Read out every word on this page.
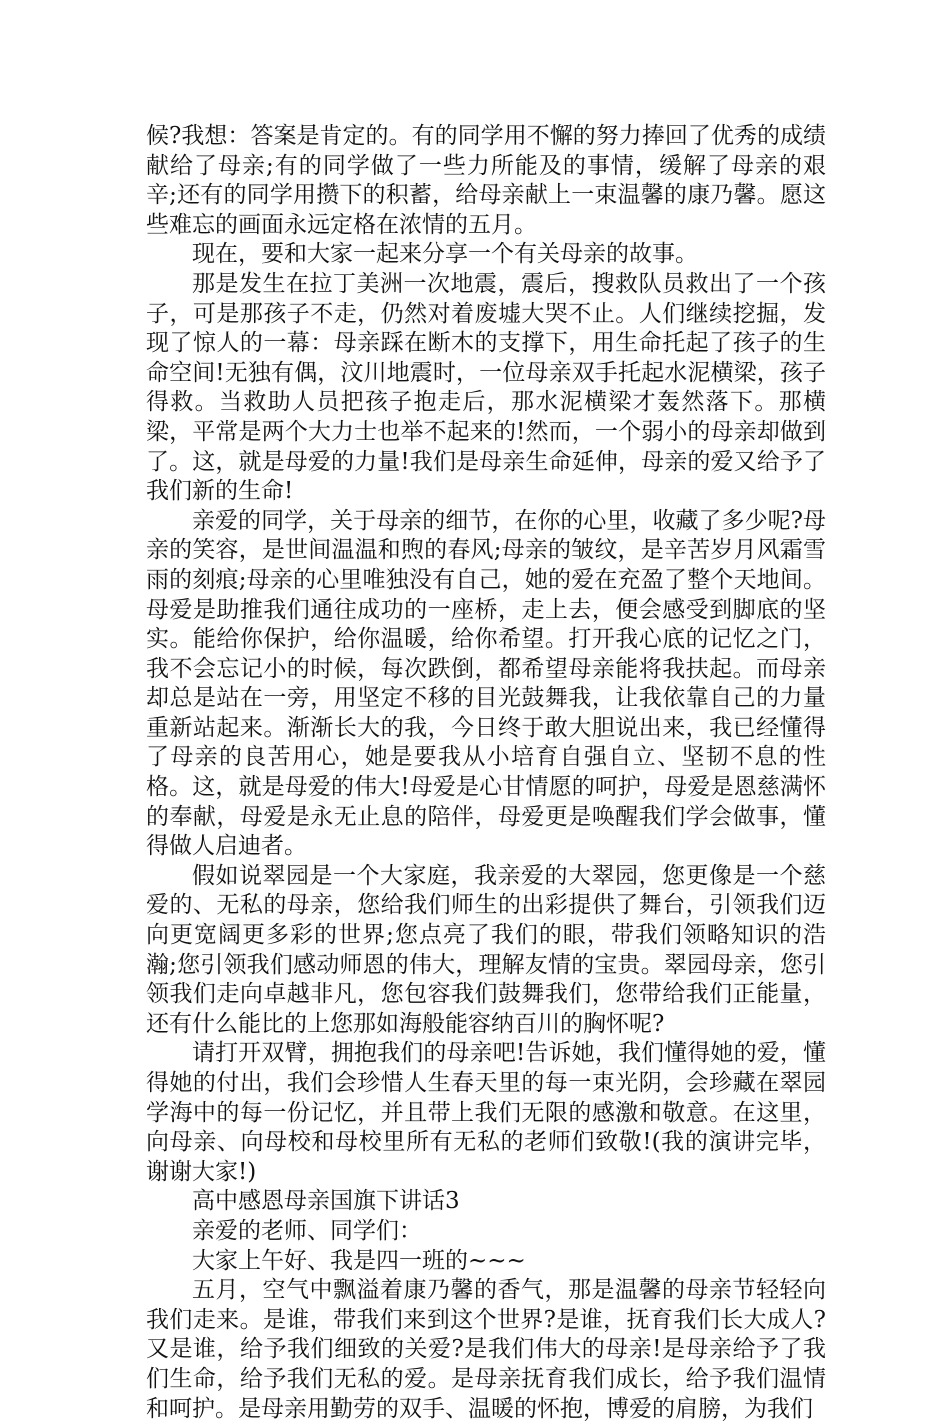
候?我想：答案是肯定的。有的同学用不懈的努力捧回了优秀的成绩献给了母亲;有的同学做了一些力所能及的事情，缓解了母亲的艰辛;还有的同学用攒下的积蓄，给母亲献上一束温馨的康乃馨。愿这些难忘的画面永远定格在浓情的五月。

现在，要和大家一起来分享一个有关母亲的故事。

那是发生在拉丁美洲一次地震，震后，搜救队员救出了一个孩子，可是那孩子不走，仍然对着废墟大哭不止。人们继续挖掘，发现了惊人的一幕：母亲踩在断木的支撑下，用生命托起了孩子的生命空间!无独有偶，汶川地震时，一位母亲双手托起水泥横梁，孩子得救。当救助人员把孩子抱走后，那水泥横梁才轰然落下。那横梁，平常是两个大力士也举不起来的!然而，一个弱小的母亲却做到了。这，就是母爱的力量!我们是母亲生命延伸，母亲的爱又给予了我们新的生命!

亲爱的同学，关于母亲的细节，在你的心里，收藏了多少呢?母亲的笑容，是世间温温和煦的春风;母亲的皱纹，是辛苦岁月风霜雪雨的刻痕;母亲的心里唯独没有自己，她的爱在充盈了整个天地间。母爱是助推我们通往成功的一座桥，走上去，便会感受到脚底的坚实。能给你保护，给你温暖，给你希望。打开我心底的记忆之门，我不会忘记小的时候，每次跌倒，都希望母亲能将我扶起。而母亲却总是站在一旁，用坚定不移的目光鼓舞我，让我依靠自己的力量重新站起来。渐渐长大的我，今日终于敢大胆说出来，我已经懂得了母亲的良苦用心，她是要我从小培育自强自立、坚韧不息的性格。这，就是母爱的伟大!母爱是心甘情愿的呵护，母爱是恩慈满怀的奉献，母爱是永无止息的陪伴，母爱更是唤醒我们学会做事，懂得做人启迪者。

假如说翠园是一个大家庭，我亲爱的大翠园，您更像是一个慈爱的、无私的母亲，您给我们师生的出彩提供了舞台，引领我们迈向更宽阔更多彩的世界;您点亮了我们的眼，带我们领略知识的浩瀚;您引领我们感动师恩的伟大，理解友情的宝贵。翠园母亲，您引领我们走向卓越非凡，您包容我们鼓舞我们，您带给我们正能量，还有什么能比的上您那如海般能容纳百川的胸怀呢?

请打开双臂，拥抱我们的母亲吧!告诉她，我们懂得她的爱，懂得她的付出，我们会珍惜人生春天里的每一束光阴，会珍藏在翠园学海中的每一份记忆，并且带上我们无限的感激和敬意。在这里，向母亲、向母校和母校里所有无私的老师们致敬!(我的演讲完毕，谢谢大家!)

高中感恩母亲国旗下讲话3

亲爱的老师、同学们：

大家上午好、我是四一班的~~~

五月，空气中飘溢着康乃馨的香气，那是温馨的母亲节轻轻向我们走来。是谁，带我们来到这个世界?是谁，抚育我们长大成人?又是谁，给予我们细致的关爱?是我们伟大的母亲!是母亲给予了我们生命，给予我们无私的爱。是母亲抚育我们成长，给予我们温情和呵护。是母亲用勤劳的双手、温暖的怀抱，博爱的肩膀，为我们
